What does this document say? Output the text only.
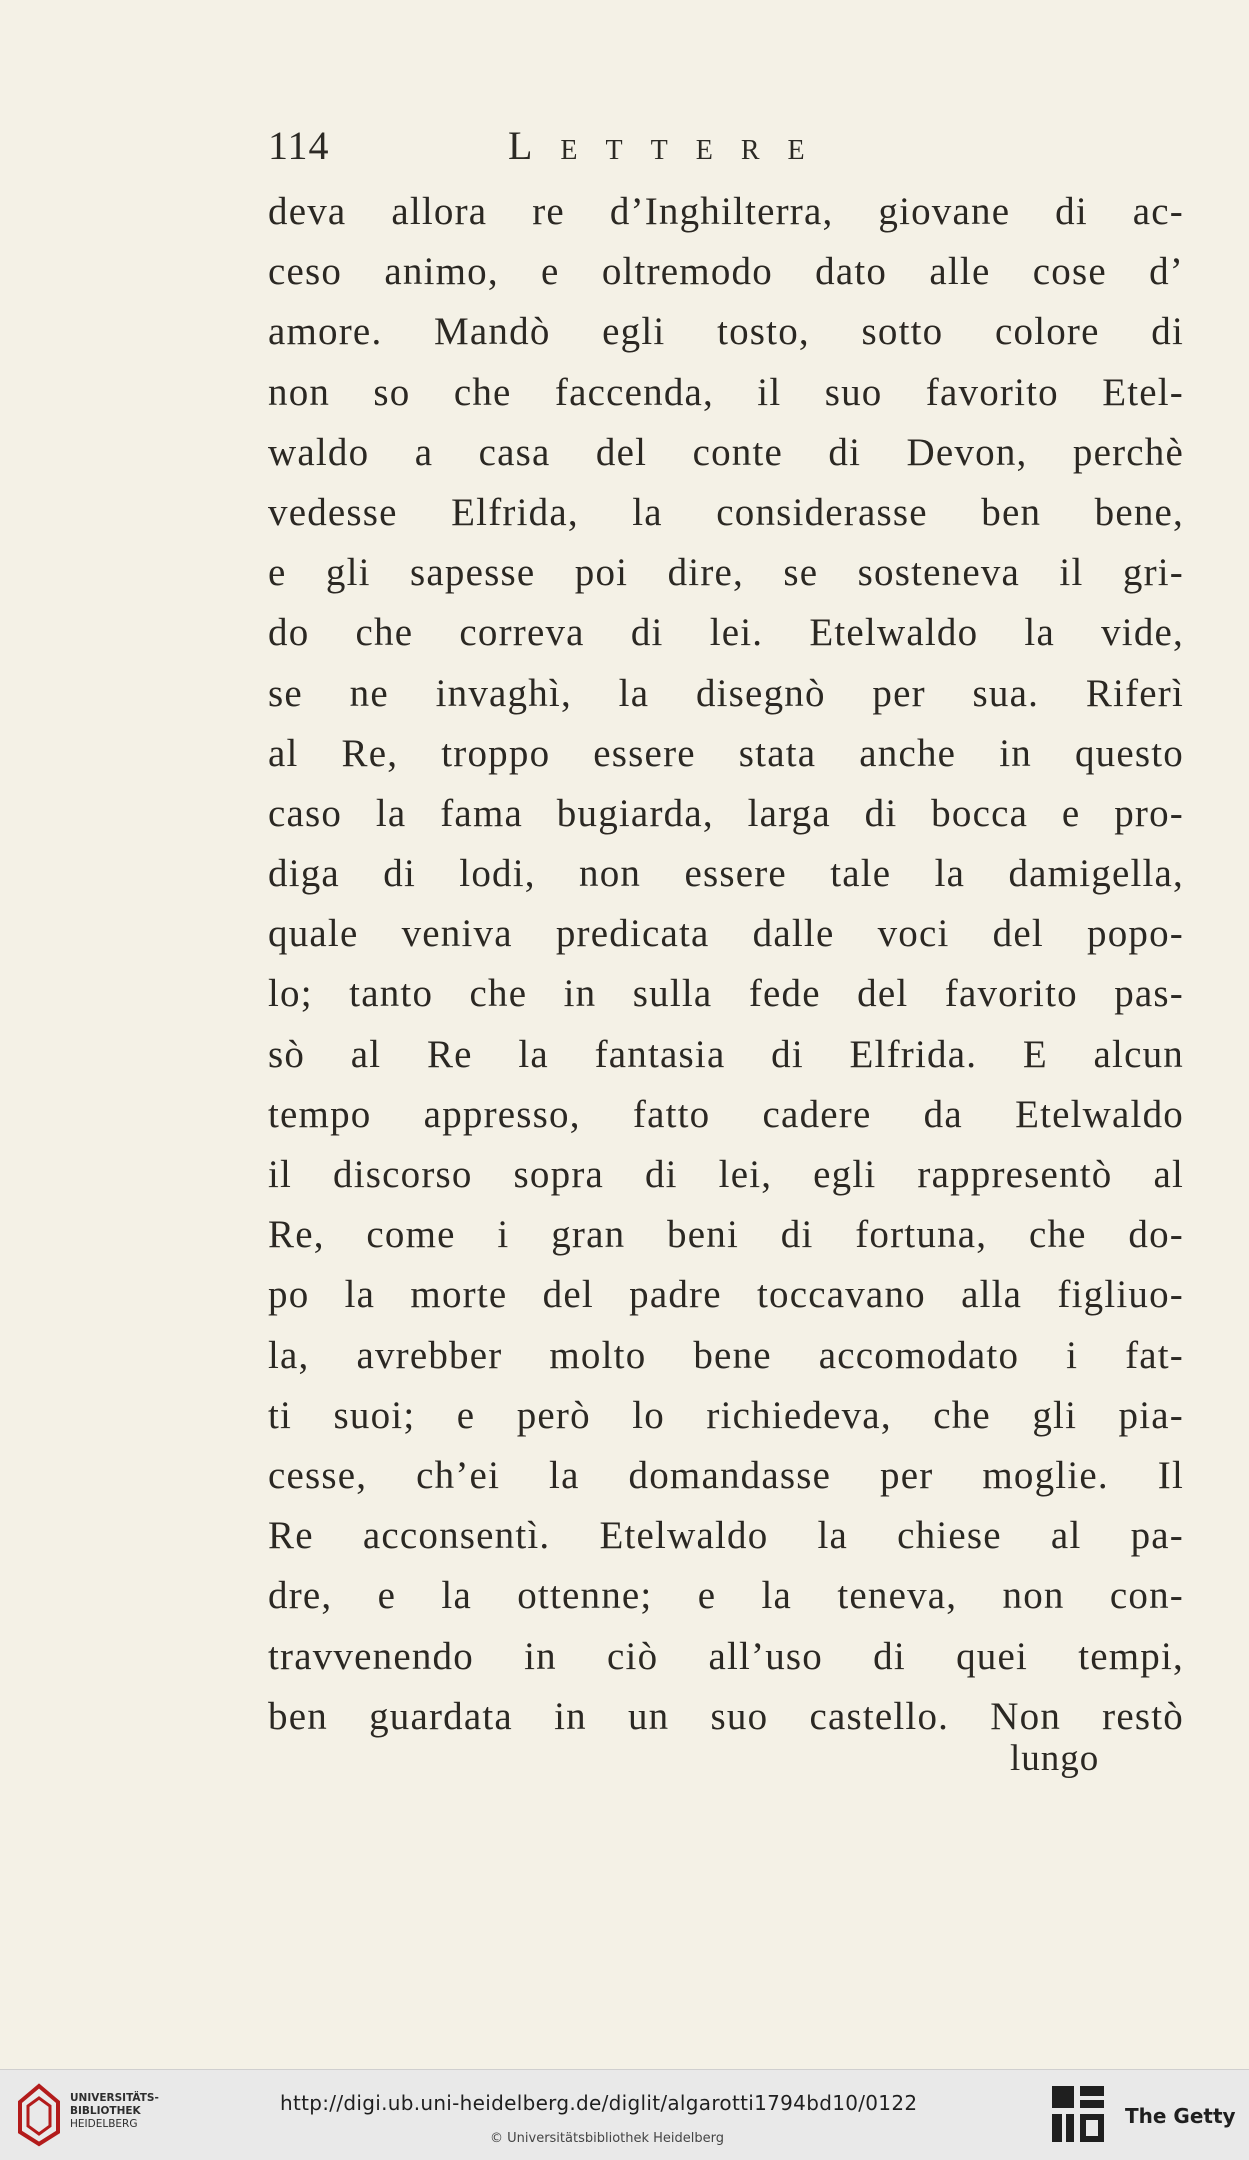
114	Lettere
deva allora re d’Inghilterra, giovane di ac-
ceso animo, e oltremodo dato alle cose d’
amore. Mandò egli tosto, sotto colore di
non so che faccenda, il suo favorito Etel-
waldo a casa del conte di Devon, perchè
vedesse Elfrida, la considerasse ben bene,
e gli sapesse poi dire, se sosteneva il gri-
do che correva di lei. Etelwaldo la vide,
se ne invaghì, la disegnò per sua. Riferì
al Re, troppo essere stata anche in questo
caso la fama bugiarda, larga di bocca e pro-
diga di lodi, non essere tale la damigella,
quale veniva predicata dalle voci del popo-
lo; tanto che in sulla fede del favorito pas-
sò al Re la fantasia di Elfrida. E alcun
tempo appresso, fatto cadere da Etelwaldo
il discorso sopra di lei, egli rappresentò al
Re, come i gran beni di fortuna, che do-
po la morte del padre toccavano alla figliuo-
la, avrebber molto bene accomodato i fat-
ti suoi; e però lo richiedeva, che gli pia-
cesse, ch’ei la domandasse per moglie. Il
Re acconsentì. Etelwaldo la chiese al pa-
dre, e la ottenne; e la teneva, non con-
travvenendo in ciò all’uso di quei tempi,
ben guardata in un suo castello. Non restò
lungo
UNIVERSITÄTS-
BIBLIOTHEK
HEIDELBERG
http://digi.ub.uni-heidelberg.de/diglit/algarotti1794bd10/0122
© Universitätsbibliothek Heidelberg
The Getty
